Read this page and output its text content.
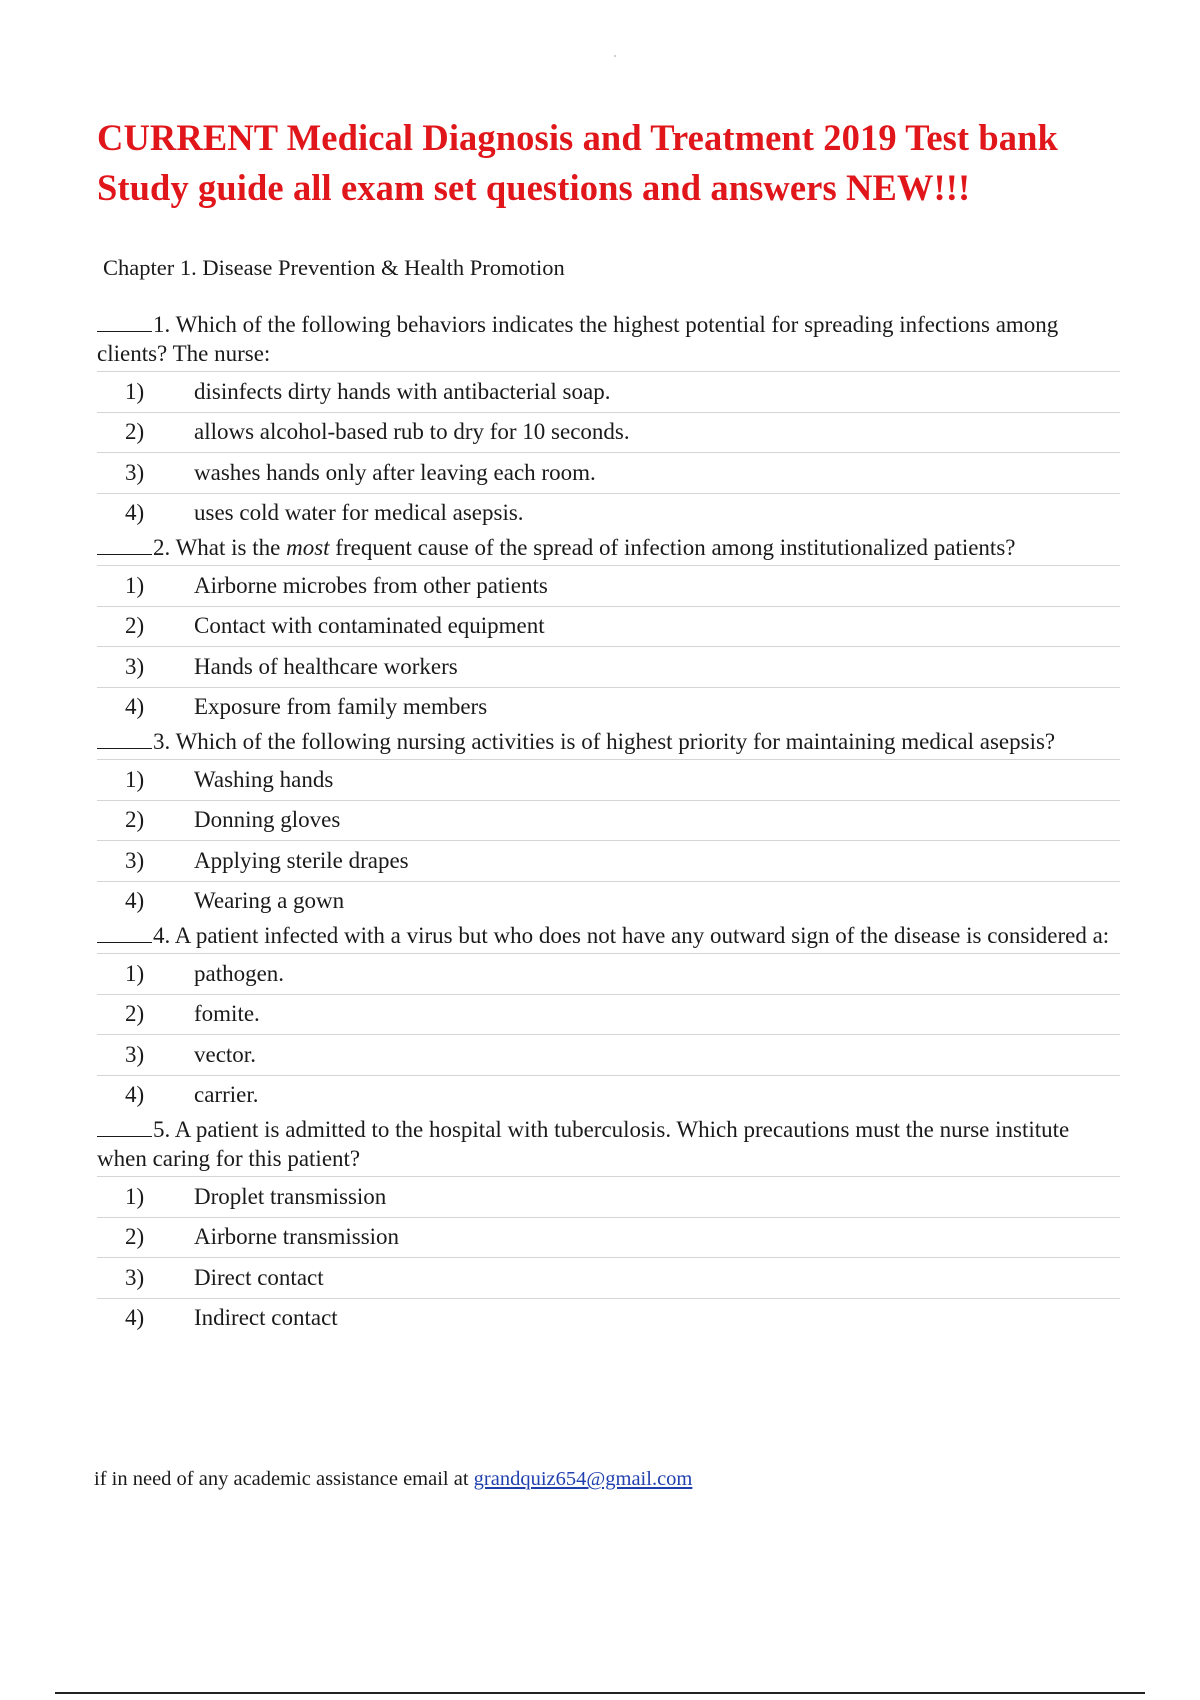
CURRENT Medical Diagnosis and Treatment 2019 Test bank
Study guide all exam set questions and answers NEW!!!
Chapter 1. Disease Prevention & Health Promotion
1. Which of the following behaviors indicates the highest potential for spreading infections among clients? The nurse:
1)	disinfects dirty hands with antibacterial soap.
2)	allows alcohol-based rub to dry for 10 seconds.
3)	washes hands only after leaving each room.
4)	uses cold water for medical asepsis.
2. What is the most frequent cause of the spread of infection among institutionalized patients?
1)	Airborne microbes from other patients
2)	Contact with contaminated equipment
3)	Hands of healthcare workers
4)	Exposure from family members
3. Which of the following nursing activities is of highest priority for maintaining medical asepsis?
1)	Washing hands
2)	Donning gloves
3)	Applying sterile drapes
4)	Wearing a gown
4. A patient infected with a virus but who does not have any outward sign of the disease is considered a:
1)	pathogen.
2)	fomite.
3)	vector.
4)	carrier.
5. A patient is admitted to the hospital with tuberculosis. Which precautions must the nurse institute when caring for this patient?
1)	Droplet transmission
2)	Airborne transmission
3)	Direct contact
4)	Indirect contact
if in need of any academic assistance email at grandquiz654@gmail.com
